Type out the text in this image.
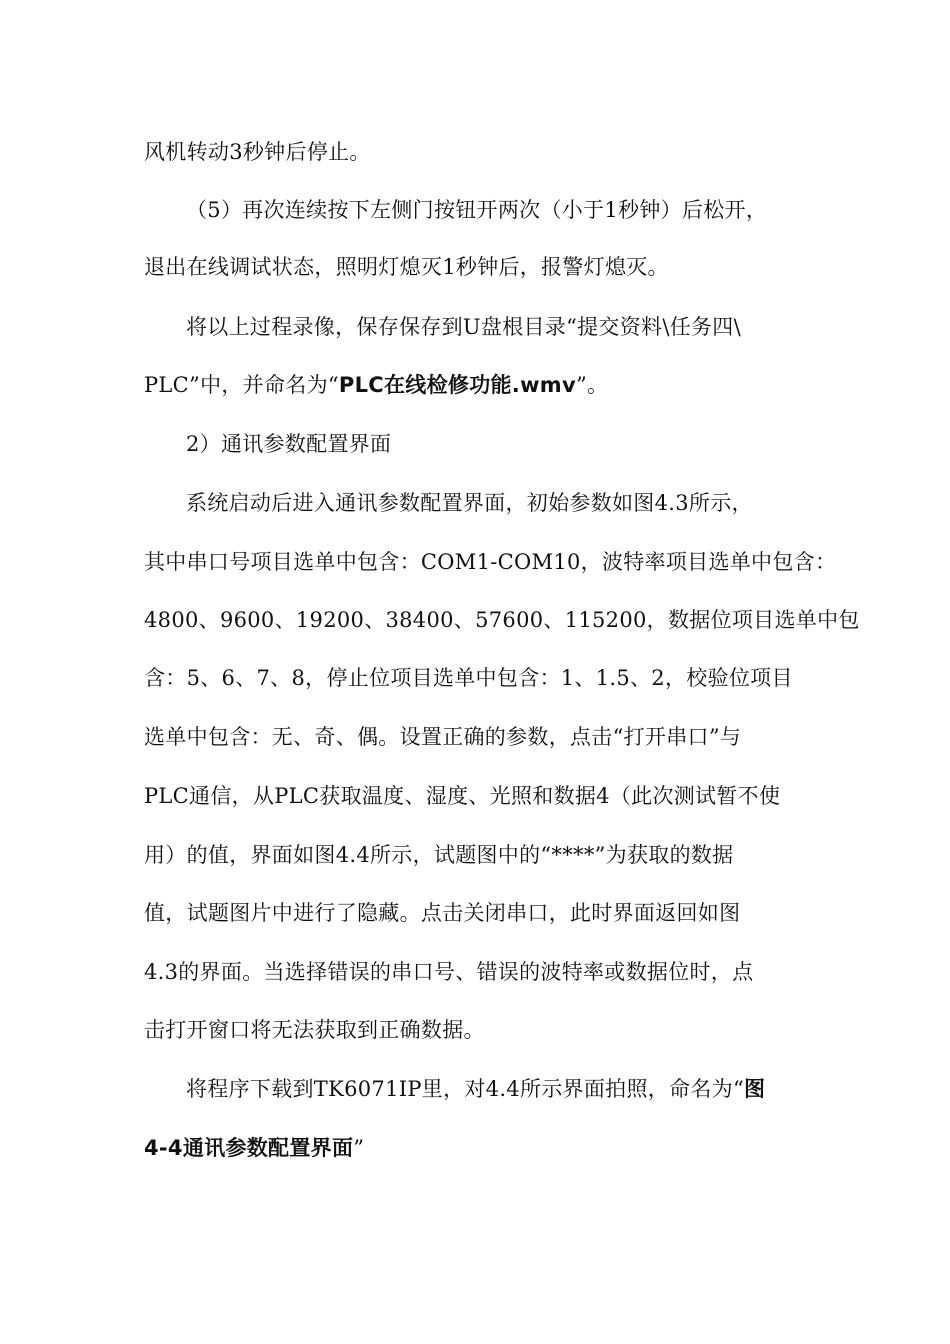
风机转动3秒钟后停止。
（5）再次连续按下左侧门按钮开两次（小于1秒钟）后松开，
退出在线调试状态，照明灯熄灭1秒钟后，报警灯熄灭。
将以上过程录像，保存保存到U盘根目录“提交资料\任务四\
PLC”中，并命名为“PLC在线检修功能.wmv”。
2）通讯参数配置界面
系统启动后进入通讯参数配置界面，初始参数如图4.3所示，
其中串口号项目选单中包含：COM1-COM10，波特率项目选单中包含：
4800、9600、19200、38400、57600、115200，数据位项目选单中包
含：5、6、7、8，停止位项目选单中包含：1、1.5、2，校验位项目
选单中包含：无、奇、偶。设置正确的参数，点击“打开串口”与
PLC通信，从PLC获取温度、湿度、光照和数据4（此次测试暂不使
用）的值，界面如图4.4所示，试题图中的“****”为获取的数据
值，试题图片中进行了隐藏。点击关闭串口，此时界面返回如图
4.3的界面。当选择错误的串口号、错误的波特率或数据位时，点
击打开窗口将无法获取到正确数据。
将程序下载到TK6071IP里，对4.4所示界面拍照，命名为“图
4-4通讯参数配置界面”
